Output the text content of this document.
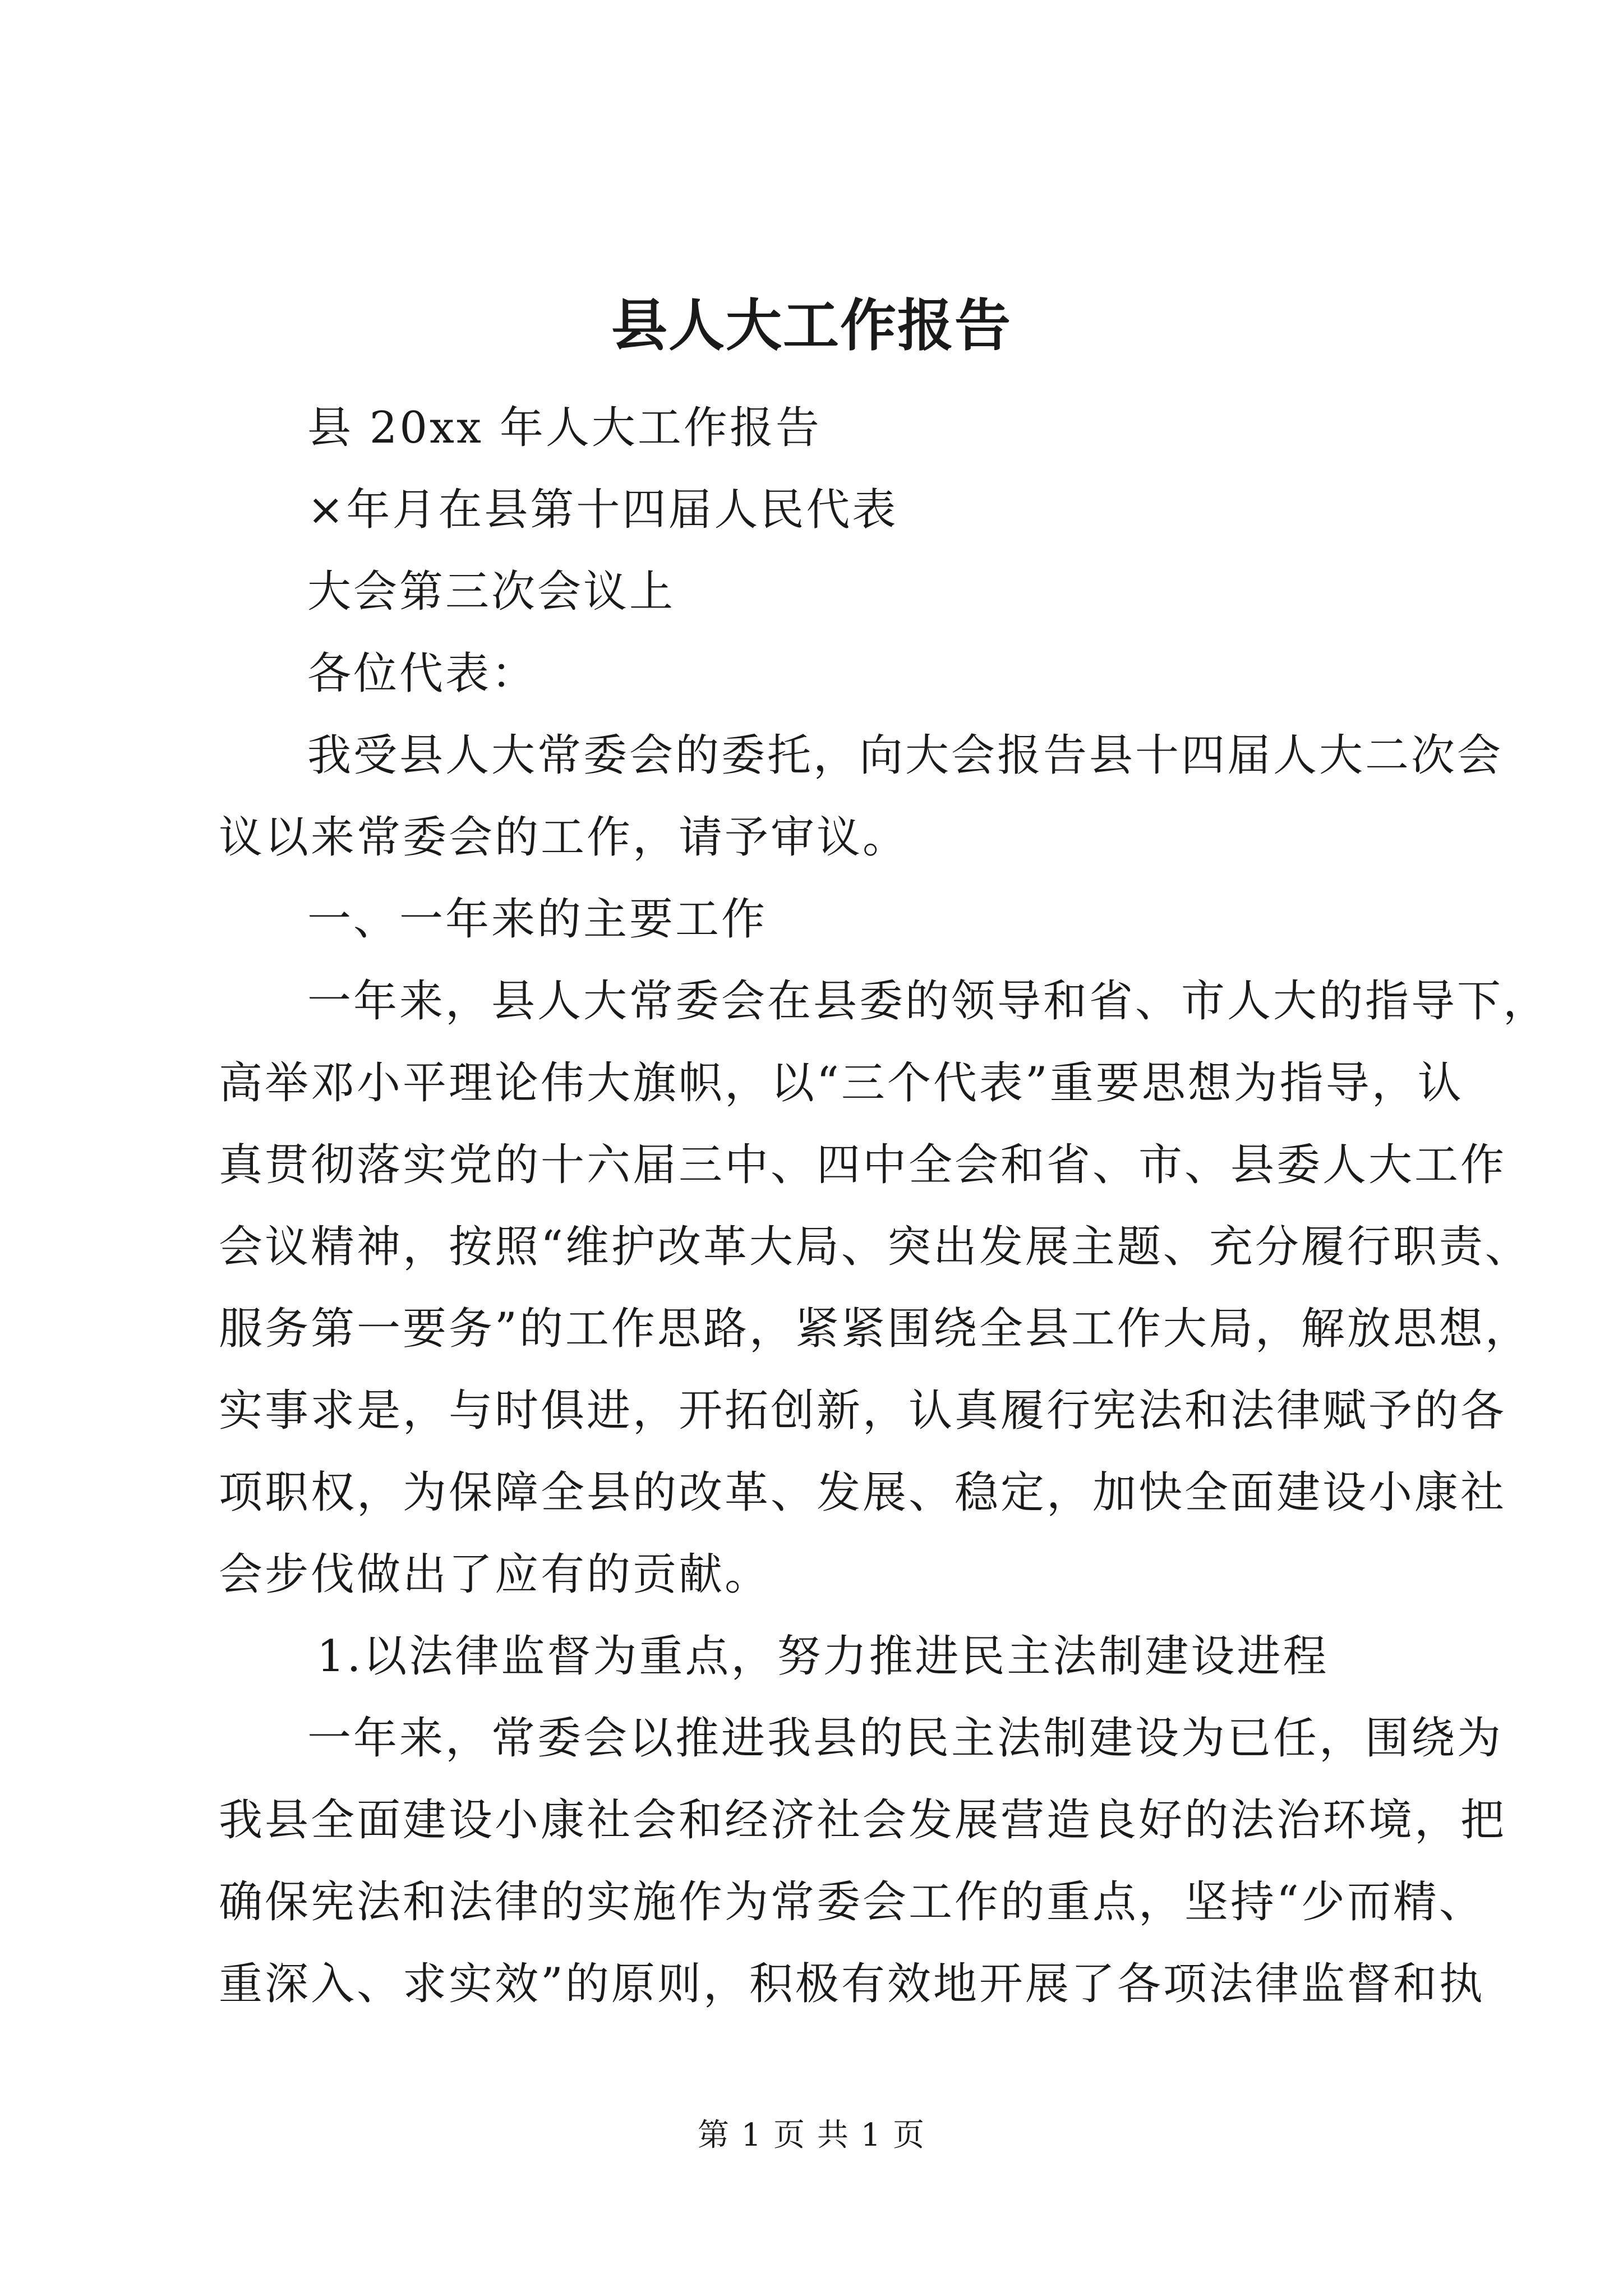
县人大工作报告
县 20xx 年人大工作报告
×年月在县第十四届人民代表
大会第三次会议上
各位代表：
我受县人大常委会的委托，向大会报告县十四届人大二次会
议以来常委会的工作，请予审议。
一、一年来的主要工作
一年来，县人大常委会在县委的领导和省、市人大的指导下，
高举邓小平理论伟大旗帜，以“三个代表”重要思想为指导，认
真贯彻落实党的十六届三中、四中全会和省、市、县委人大工作
会议精神，按照“维护改革大局、突出发展主题、充分履行职责、
服务第一要务”的工作思路，紧紧围绕全县工作大局，解放思想，
实事求是，与时俱进，开拓创新，认真履行宪法和法律赋予的各
项职权，为保障全县的改革、发展、稳定，加快全面建设小康社
会步伐做出了应有的贡献。
1.以法律监督为重点，努力推进民主法制建设进程
一年来，常委会以推进我县的民主法制建设为已任，围绕为
我县全面建设小康社会和经济社会发展营造良好的法治环境，把
确保宪法和法律的实施作为常委会工作的重点，坚持“少而精、
重深入、求实效”的原则，积极有效地开展了各项法律监督和执
第 1 页 共 1 页
